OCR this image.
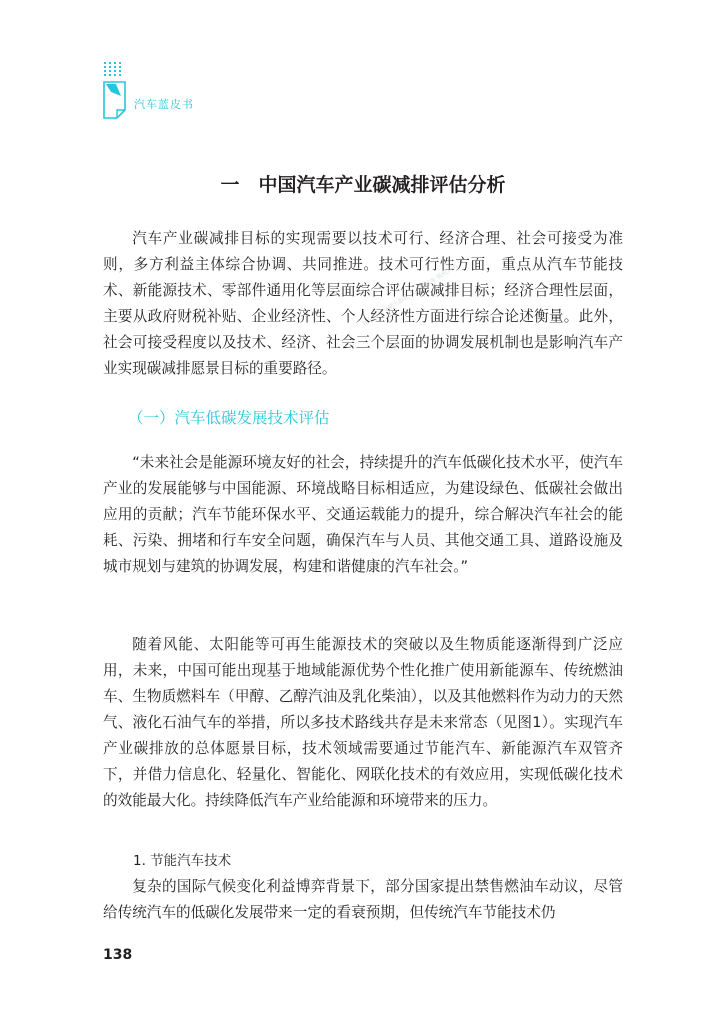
汽车蓝皮书
一　中国汽车产业碳减排评估分析
汽车产业碳减排目标的实现需要以技术可行、经济合理、社会可接受为准则，多方利益主体综合协调、共同推进。技术可行性方面，重点从汽车节能技术、新能源技术、零部件通用化等层面综合评估碳减排目标；经济合理性层面，主要从政府财税补贴、企业经济性、个人经济性方面进行综合论述衡量。此外，社会可接受程度以及技术、经济、社会三个层面的协调发展机制也是影响汽车产业实现碳减排愿景目标的重要路径。
（一）汽车低碳发展技术评估
“未来社会是能源环境友好的社会，持续提升的汽车低碳化技术水平，使汽车产业的发展能够与中国能源、环境战略目标相适应，为建设绿色、低碳社会做出应用的贡献；汽车节能环保水平、交通运载能力的提升，综合解决汽车社会的能耗、污染、拥堵和行车安全问题，确保汽车与人员、其他交通工具、道路设施及城市规划与建筑的协调发展，构建和谐健康的汽车社会。”
随着风能、太阳能等可再生能源技术的突破以及生物质能逐渐得到广泛应用，未来，中国可能出现基于地域能源优势个性化推广使用新能源车、传统燃油车、生物质燃料车（甲醇、乙醇汽油及乳化柴油），以及其他燃料作为动力的天然气、液化石油气车的举措，所以多技术路线共存是未来常态（见图1）。实现汽车产业碳排放的总体愿景目标，技术领域需要通过节能汽车、新能源汽车双管齐下，并借力信息化、轻量化、智能化、网联化技术的有效应用，实现低碳化技术的效能最大化。持续降低汽车产业给能源和环境带来的压力。
1. 节能汽车技术
复杂的国际气候变化利益博弈背景下，部分国家提出禁售燃油车动议，尽管给传统汽车的低碳化发展带来一定的看衰预期，但传统汽车节能技术仍
社会科学文献出版社 皮书数据库 版权所有
138
